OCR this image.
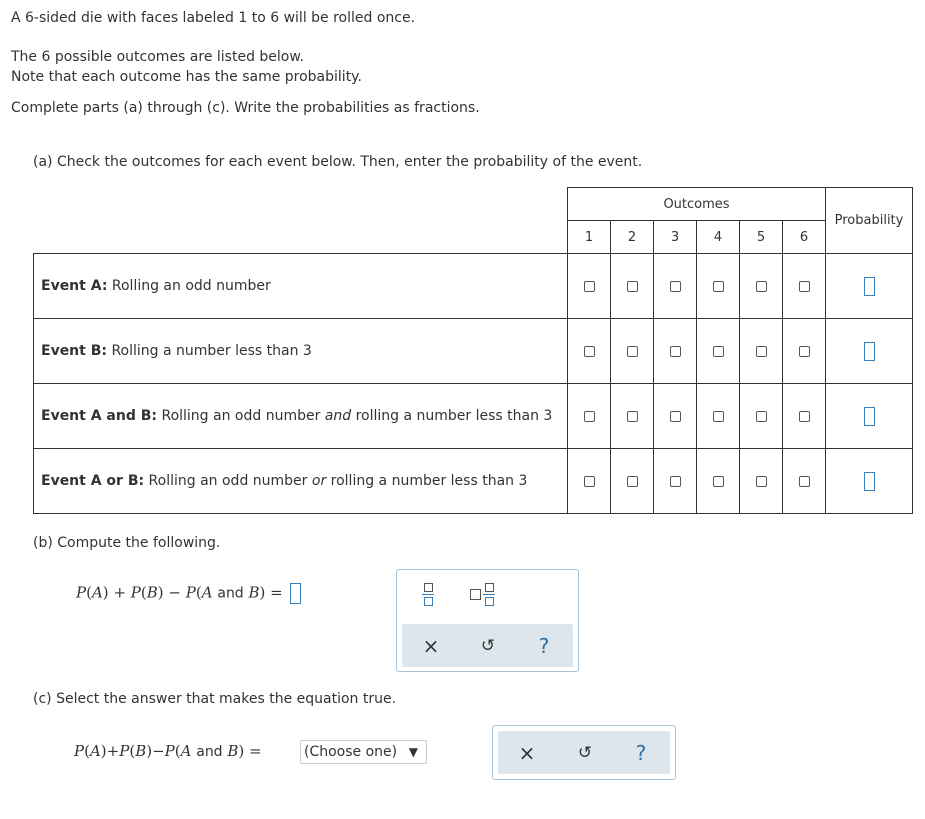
A 6-sided die with faces labeled 1 to 6 will be rolled once.
The 6 possible outcomes are listed below.
Note that each outcome has the same probability.
Complete parts (a) through (c). Write the probabilities as fractions.
(a) Check the outcomes for each event below. Then, enter the probability of the event.
	Outcomes						Probability
	1	2	3	4	5	6	
Event A: Rolling an odd number							
Event B: Rolling a number less than 3							
Event A and B: Rolling an odd number and rolling a number less than 3							
Event A or B: Rolling an odd number or rolling a number less than 3							
(b) Compute the following.
P(A) + P(B) − P(A and B) =
× ↺	?
(c) Select the answer that makes the equation true.
P(A)+P(B)−P(A and B) =	(Choose one) ▼	×	↺	?
